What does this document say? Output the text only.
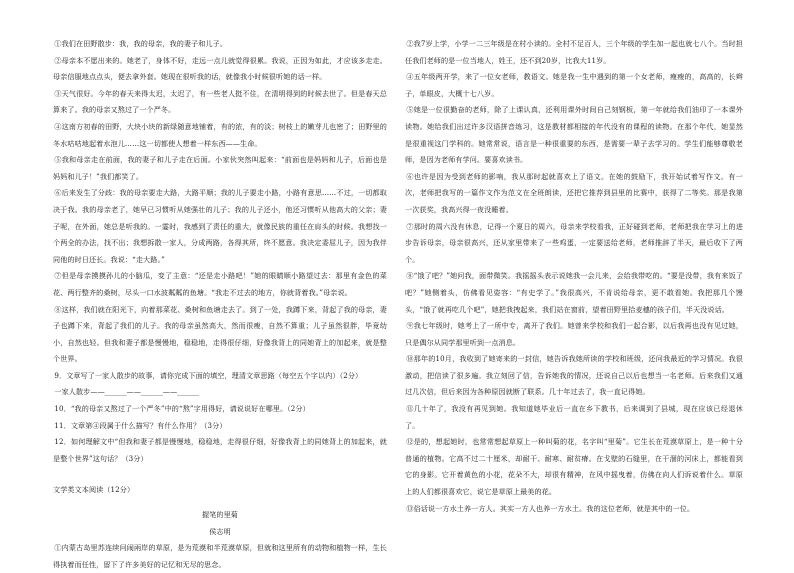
①我们在田野散步：我，我的母亲，我的妻子和儿子。

②母亲本不愿出来的。她老了，身体不好，走远一点儿就觉得很累。我说，正因为如此，才应该多走走。母亲信服地点点头，便去拿外套。她现在很听我的话，就像我小时候很听她的话一样。

③天气很好。今年的春天来得太迟，太迟了，有一些老人挺不住，在清明得到的时候去世了。但是春天总算来了。我的母亲又熬过了一个严冬。

④这南方初春的田野，大块小块的新绿随意地铺着，有的浓，有的淡；树枝上的嫩芽儿也密了；田野里的冬水咕咕地起着水泡儿……这一切都使人想着一样东西——生命。

⑤我和母亲走在前面，我的妻子和儿子走在后面。小家伙突然叫起来：“前面也是妈妈和儿子，后面也是妈妈和儿子！”我们都笑了。

⑥后来发生了分歧：我的母亲要走大路，大路平顺；我的儿子要走小路，小路有意思……不过，一切都取决于我。我的母亲老了，她早已习惯听从她强壮的儿子；我的儿子还小，他还习惯听从他高大的父亲；妻子呢，在外面，她总是听我的。一霎时，我感到了责任的重大，就像民族的重任在肩头的时候。我想找一个两全的办法，找不出；我想拆散一家人，分成两路，各得其所，终不愿意。我决定委屈儿子，因为我伴同他的时日还长。我说：“走大路。”

⑦但是母亲摸摸孙儿的小脑瓜，变了主意：“还是走小路吧！”她的眼睛顺小路望过去：那里有金色的菜花、两行整齐的桑树，尽头一口水波粼粼的鱼塘。“我走不过去的地方，你就背着我。”母亲说。

⑧这样，我们就在阳光下，向着那菜花、桑树和鱼塘走去了。到了一处，我蹲下来，背起了我的母亲，妻子也蹲下来，背起了我们的儿子。我的母亲虽然高大，然而很瘦，自然不算重；儿子虽然很胖，毕竟幼小，自然也轻。但我和妻子都是慢慢地，稳稳地，走得很仔细，好像我背上的同她背上的加起来，就是整个世界。

9．文章写了一家人散步的故事，请你完成下面的填空，理清文章思路（每空五个字以内）（2分）

一家人散步——______——______——______

10．“我的母亲又熬过了一个严冬”中的“熬”字用得好，请说说好在哪里。（2分）

11．文章第④段属于什么描写？有什么作用？（3分）

12．如何理解文中“但我和妻子都是慢慢地，稳稳地，走得很仔细，好像我背上的同她背上的加起来，就是整个世界”这句话？（3分）

文学类文本阅读（12分）

握笔的里菊

侯志明

①内蒙古岛里苏连续问闹兩岸的草原，是为荒漠和半荒漠草原，但就和这里所有的动物和植物一样，生长得执着而任性，留下了许多美好的记忆和无尽的思念。

②我7岁上学，小学一二三年级是在村小读的。全村不足百人，三个年级的学生加一起也就七八个。当时担任我们老师的是一位当地人，姓王，还不到20岁，比我大11岁。

④五年级两开学，来了一位女老师，教语文。她是我一生中遇到的第一个女老师，瘦瘦的，高高的，长辫子，单眼皮，大概十七八岁。

⑤她是一位很勤奋的老师，除了上课认真，还利用课外时间自己刻钢板，第一年就给我们油印了一本课外读物。她给我们出过许多汉语拼音练习，这是教材都相接的年代没有的课程的读物。在那个年代，她显然是很重视这门学科的。她常常说，语言是一种很重要的东西，是需要一辈子去学习的。学生们能够尊敬老师，是因为老师有学问。要喜欢读书。

⑥也许是因为受到老师的影响，我从那时起就喜欢上了语文。在她的鼓励下，我开始试着写作文。有一次，老师把我写的一篇作文作为范文在全班朗读，还把它推荐到县里的比赛中，获得了二等奖。那是我第一次获奖，我高兴得一夜没睡着。

⑦那时的周六没有休息，记得一个夏日的周六，母亲来学校看我，正好碰到老师，老师把我在学习上的进步告诉母亲，母亲很高兴，还从家里带来了一些鸡蛋，一定要送给老师，老师推辞了半天，最后收下了两个。

⑧“饿了吧？”她问我，面带微笑。我摇摇头表示说她我一会儿来，会给我带吃的。“要是没带，我有来饭了吧？”她侧着头，仿佛看见姿容：“有史学了。”我很高兴，不肯说给母亲，更不敢看她。我把那几个馒头，“饿了就再吃几个吧”，她把我拽起来，我们站在窗前，望着田野里拾麦穗的孩子们，半天没说话。

⑨我七年级时，她考上了一所中专，离开了我们。她曾来学校和我们一起合影，以后我再也没有见过她，只是偶尔从同学那里听到一点消息。

⑩那年的10月，我收到了她寄来的一封信，她告诉我她所读的学校和班级，还问我最近的学习情况。我很激动，把信读了很多遍。我立刻回了信，告诉她我的情况，还说自己以后也想当一名老师。后来我们又通过几次信，但后来因为各种原因就断了联系。几十年过去了，我一直记得她。

⑪几十年了，我没有再见到她。我知道她毕业后一直在乡下教书，后来调到了县城，现在应该已经退休了。

⑫是的，想起她时，也常常想起草原上一种叫菊的花，名字叫“里菊”。它生长在荒漠草原上，是一种十分普通的植物。它高不过二十厘米，却耐干、耐寒、耐贫瘠。在戈壁的石缝里，在干涸的河床上，都能看到它的身影。它开着黄色的小花，花朵不大，却很有精神，在风中摇曳着，仿佛在向人们诉说着什么。草原上的人们都很喜欢它，说它是草原上最美的花。

⑬俗话说一方水土养一方人。其实一方人也养一方水土。我的这位老师，就是其中的一位。
